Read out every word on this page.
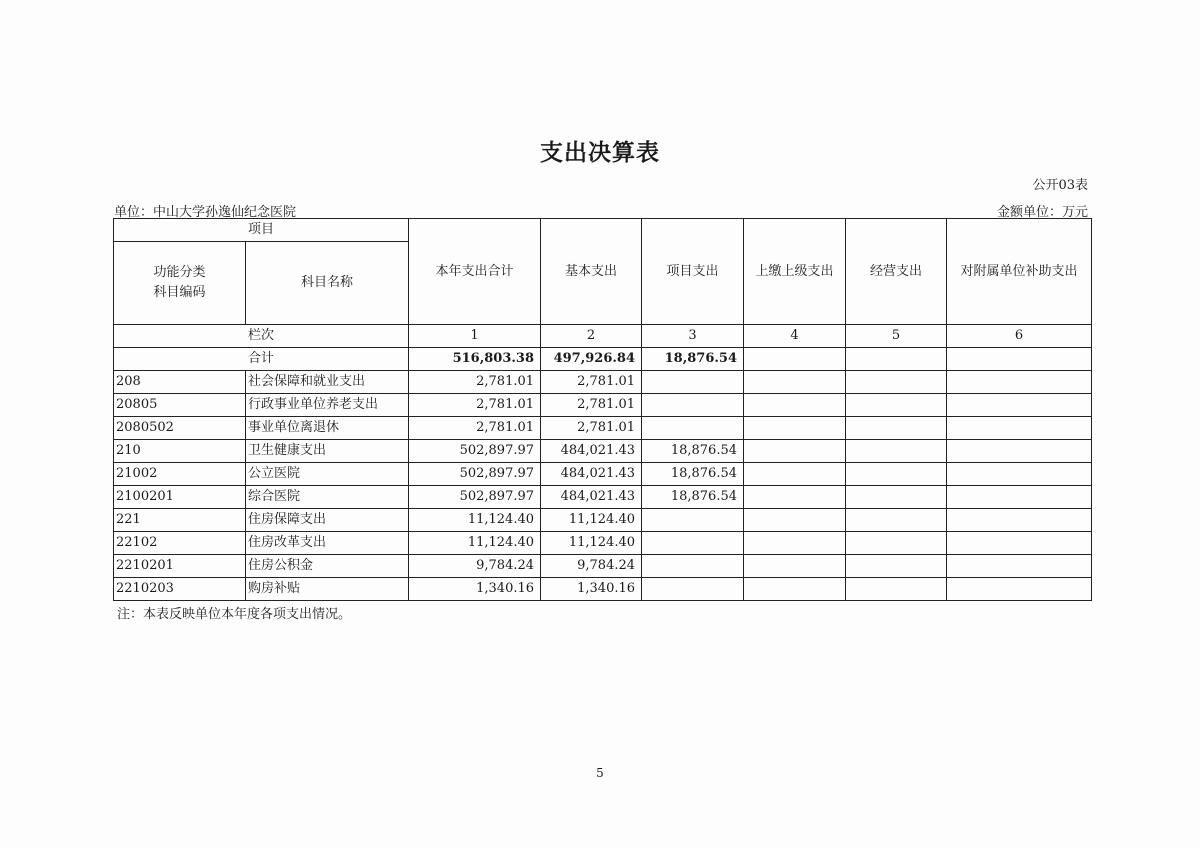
支出决算表
公开03表
单位：中山大学孙逸仙纪念医院	金额单位：万元
项目		本年支出合计	基本支出	项目支出	上缴上级支出	经营支出	对附属单位补助支出
功能分类
科目编码	科目名称						
栏次		1	2	3	4	5	6
合计		516,803.38	497,926.84	18,876.54			
208	社会保障和就业支出	2,781.01	2,781.01				
20805	行政事业单位养老支出	2,781.01	2,781.01				
2080502	事业单位离退休	2,781.01	2,781.01				
210	卫生健康支出	502,897.97	484,021.43	18,876.54			
21002	公立医院	502,897.97	484,021.43	18,876.54			
2100201	综合医院	502,897.97	484,021.43	18,876.54			
221	住房保障支出	11,124.40	11,124.40				
22102	住房改革支出	11,124.40	11,124.40				
2210201	住房公积金	9,784.24	9,784.24				
2210203	购房补贴	1,340.16	1,340.16				
注：本表反映单位本年度各项支出情况。
5
